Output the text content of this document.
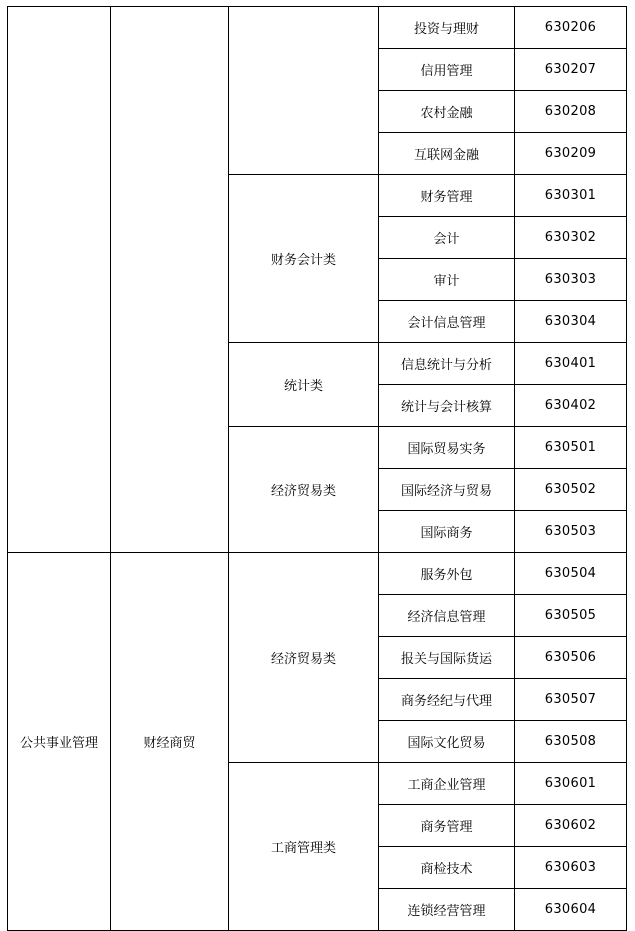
			投资与理财	630206
			信用管理	630207
			农村金融	630208
			互联网金融	630209
		财务会计类	财务管理	630301
			会计	630302
			审计	630303
			会计信息管理	630304
		统计类	信息统计与分析	630401
			统计与会计核算	630402
		经济贸易类	国际贸易实务	630501
			国际经济与贸易	630502
			国际商务	630503
公共事业管理	财经商贸	经济贸易类	服务外包	630504
			经济信息管理	630505
			报关与国际货运	630506
			商务经纪与代理	630507
			国际文化贸易	630508
		工商管理类	工商企业管理	630601
			商务管理	630602
			商检技术	630603
			连锁经营管理	630604
